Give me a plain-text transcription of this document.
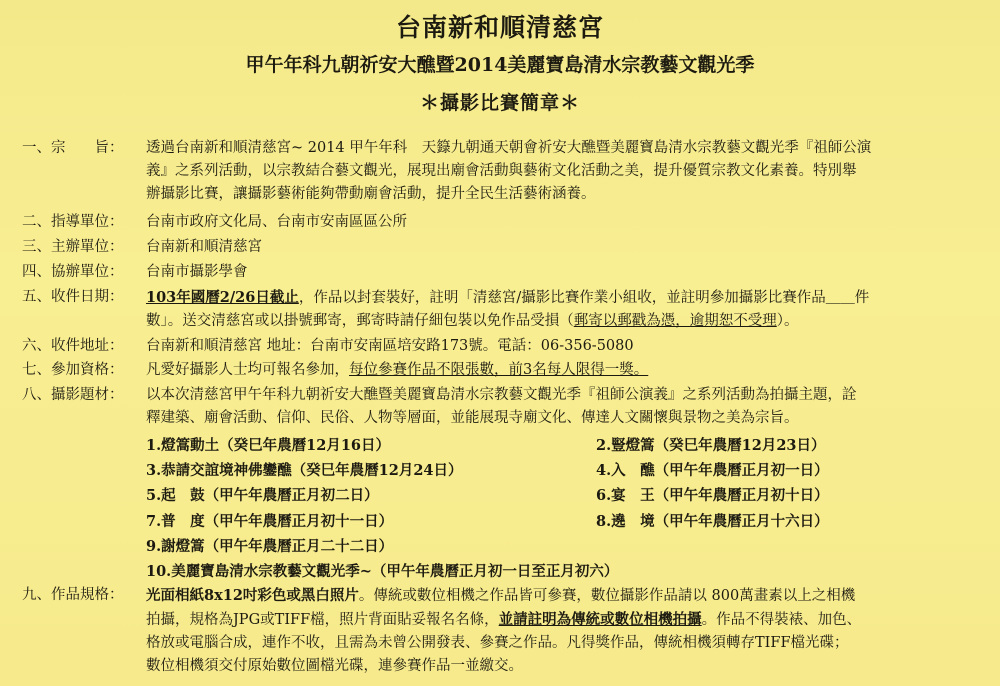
台南新和順清慈宮
甲午年科九朝祈安大醮暨2014美麗寶島清水宗教藝文觀光季
＊攝影比賽簡章＊
一、宗　　旨：	透過台南新和順清慈宮~ 2014 甲午年科　天籙九朝通天朝會祈安大醮暨美麗寶島清水宗教藝文觀光季『祖師公演
義』之系列活動，以宗教結合藝文觀光，展現出廟會活動與藝術文化活動之美，提升優質宗教文化素養。特別舉
辦攝影比賽，讓攝影藝術能夠帶動廟會活動，提升全民生活藝術涵養。
二、指導單位：	台南市政府文化局、台南市安南區區公所
三、主辦單位：	台南新和順清慈宮
四、協辦單位：	台南市攝影學會
五、收件日期：	103年國曆2/26日截止，作品以封套裝好，註明「清慈宮/攝影比賽作業小組收，並註明參加攝影比賽作品＿＿件
數」。送交清慈宮或以掛號郵寄，郵寄時請仔細包裝以免作品受損（郵寄以郵戳為憑，逾期恕不受理）。
六、收件地址：	台南新和順清慈宮 地址：台南市安南區培安路173號。電話：06-356-5080
七、參加資格：	凡愛好攝影人士均可報名參加，每位參賽作品不限張數，前3名每人限得一獎。
八、攝影題材：	以本次清慈宮甲午年科九朝祈安大醮暨美麗寶島清水宗教藝文觀光季『祖師公演義』之系列活動為拍攝主題，詮
釋建築、廟會活動、信仰、民俗、人物等層面，並能展現寺廟文化、傳達人文關懷與景物之美為宗旨。
1.燈篙動土（癸巳年農曆12月16日）	2.豎燈篙（癸巳年農曆12月23日）
3.恭請交誼境神佛鑾醮（癸巳年農曆12月24日）	4.入　醮（甲午年農曆正月初一日）
5.起　鼓（甲午年農曆正月初二日）	6.宴　王（甲午年農曆正月初十日）
7.普　度（甲午年農曆正月初十一日）	8.遶　境（甲午年農曆正月十六日）
9.謝燈篙（甲午年農曆正月二十二日）
10.美麗寶島清水宗教藝文觀光季~（甲午年農曆正月初一日至正月初六）
九、作品規格：	光面相紙8x12吋彩色或黑白照片。傳統或數位相機之作品皆可參賽，數位攝影作品請以 800萬畫素以上之相機
拍攝，規格為JPG或TIFF檔，照片背面貼妥報名名條，並請註明為傳統或數位相機拍攝。作品不得裝裱、加色、
格放或電腦合成，連作不收，且需為未曾公開發表、參賽之作品。凡得獎作品，傳統相機須轉存TIFF檔光碟；
數位相機須交付原始數位圖檔光碟，連參賽作品一並繳交。
